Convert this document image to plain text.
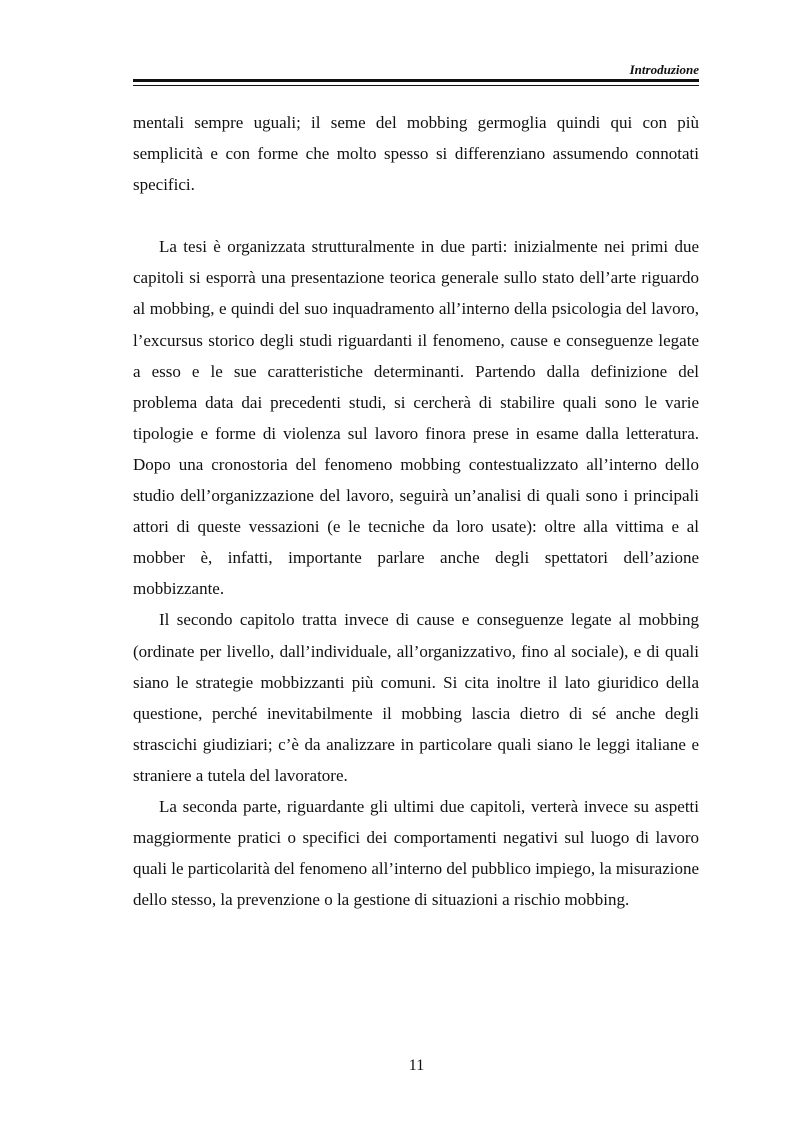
Introduzione

mentali sempre uguali; il seme del mobbing germoglia quindi qui con più semplicità e con forme che molto spesso si differenziano assumendo connotati specifici.

La tesi è organizzata strutturalmente in due parti: inizialmente nei primi due capitoli si esporrà una presentazione teorica generale sullo stato dell’arte riguardo al mobbing, e quindi del suo inquadramento all’interno della psicologia del lavoro, l’excursus storico degli studi riguardanti il fenomeno, cause e conseguenze legate a esso e le sue caratteristiche determinanti. Partendo dalla definizione del problema data dai precedenti studi, si cercherà di stabilire quali sono le varie tipologie e forme di violenza sul lavoro finora prese in esame dalla letteratura. Dopo una cronostoria del fenomeno mobbing contestualizzato all’interno dello studio dell’organizzazione del lavoro, seguirà un’analisi di quali sono i principali attori di queste vessazioni (e le tecniche da loro usate): oltre alla vittima e al mobber è, infatti, importante parlare anche degli spettatori dell’azione mobbizzante.

Il secondo capitolo tratta invece di cause e conseguenze legate al mobbing (ordinate per livello, dall’individuale, all’organizzativo, fino al sociale), e di quali siano le strategie mobbizzanti più comuni. Si cita inoltre il lato giuridico della questione, perché inevitabilmente il mobbing lascia dietro di sé anche degli strascichi giudiziari; c’è da analizzare in particolare quali siano le leggi italiane e straniere a tutela del lavoratore.

La seconda parte, riguardante gli ultimi due capitoli, verterà invece su aspetti maggiormente pratici o specifici dei comportamenti negativi sul luogo di lavoro quali le particolarità del fenomeno all’interno del pubblico impiego, la misurazione dello stesso, la prevenzione o la gestione di situazioni a rischio mobbing.

11
